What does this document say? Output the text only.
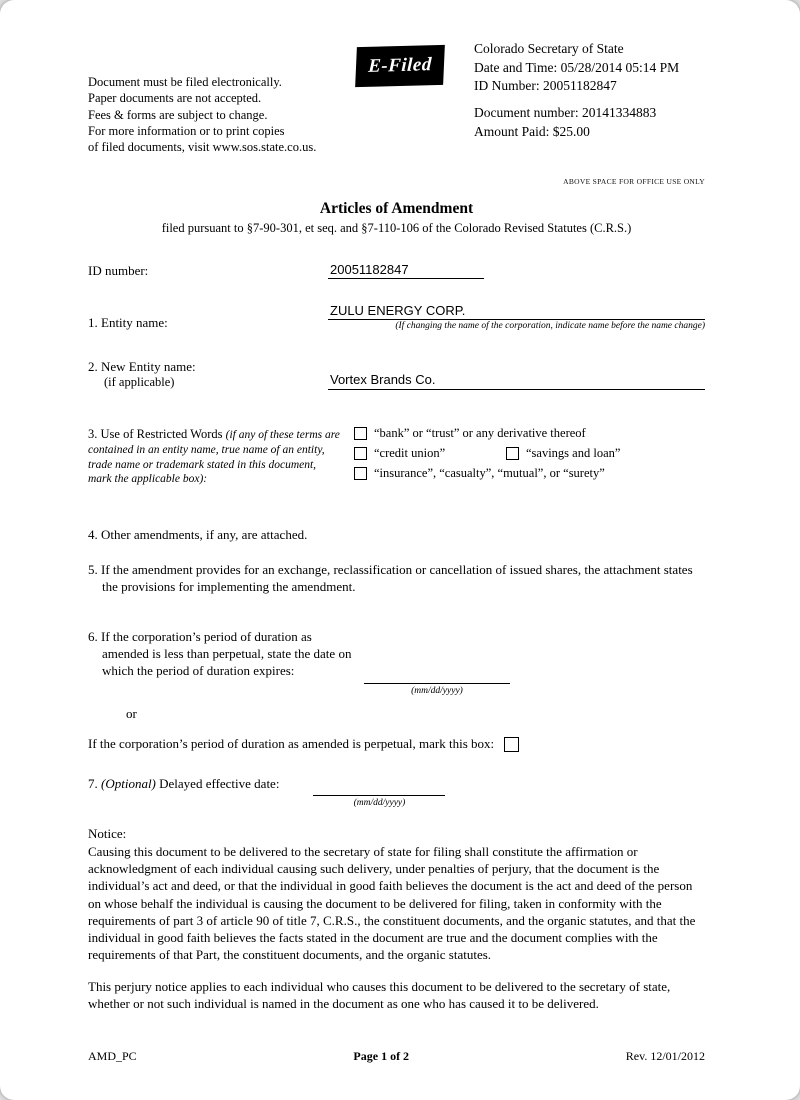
Document must be filed electronically.
Paper documents are not accepted.
Fees & forms are subject to change.
For more information or to print copies
of filed documents, visit www.sos.state.co.us.
E-Filed
Colorado Secretary of State
Date and Time: 05/28/2014 05:14 PM
ID Number: 20051182847
Document number: 20141334883
Amount Paid: $25.00
ABOVE SPACE FOR OFFICE USE ONLY
Articles of Amendment
filed pursuant to §7-90-301, et seq. and §7-110-106 of the Colorado Revised Statutes (C.R.S.)
ID number:	20051182847
1. Entity name:
ZULU ENERGY CORP.
(If changing the name of the corporation, indicate name before the name change)
2. New Entity name:
(if applicable)	Vortex Brands Co.
3. Use of Restricted Words (if any of these terms are contained in an entity name, true name of an entity, trade name or trademark stated in this document, mark the applicable box):
“bank” or “trust” or any derivative thereof
“credit union”	“savings and loan”
“insurance”, “casualty”, “mutual”, or “surety”
4. Other amendments, if any, are attached.
5. If the amendment provides for an exchange, reclassification or cancellation of issued shares, the attachment states the provisions for implementing the amendment.
6. If the corporation’s period of duration as amended is less than perpetual, state the date on which the period of duration expires:
(mm/dd/yyyy)
or
If the corporation’s period of duration as amended is perpetual, mark this box:
7. (Optional) Delayed effective date:
(mm/dd/yyyy)
Notice:
Causing this document to be delivered to the secretary of state for filing shall constitute the affirmation or acknowledgment of each individual causing such delivery, under penalties of perjury, that the document is the individual’s act and deed, or that the individual in good faith believes the document is the act and deed of the person on whose behalf the individual is causing the document to be delivered for filing, taken in conformity with the requirements of part 3 of article 90 of title 7, C.R.S., the constituent documents, and the organic statutes, and that the individual in good faith believes the facts stated in the document are true and the document complies with the requirements of that Part, the constituent documents, and the organic statutes.
This perjury notice applies to each individual who causes this document to be delivered to the secretary of state, whether or not such individual is named in the document as one who has caused it to be delivered.
AMD_PC	Page 1 of 2	Rev. 12/01/2012
